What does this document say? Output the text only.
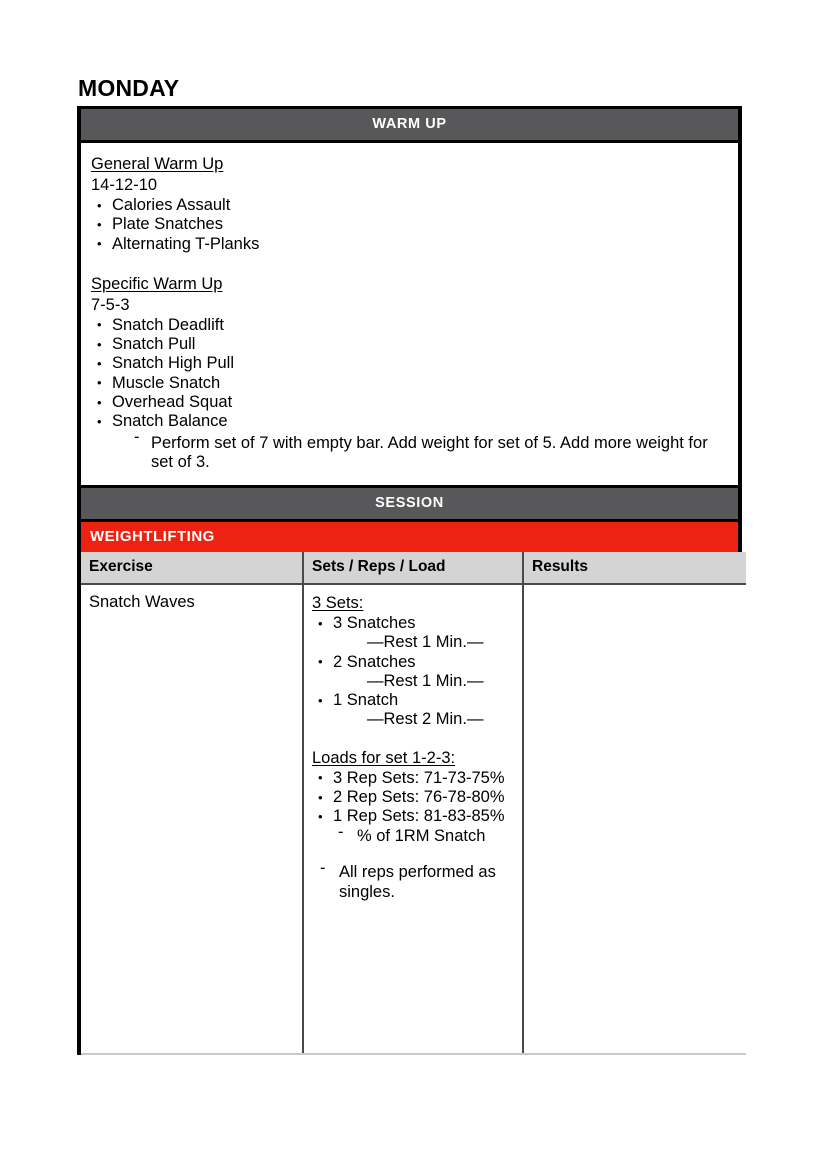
MONDAY
WARM UP
General Warm Up
14-12-10
• Calories Assault
• Plate Snatches
• Alternating T-Planks
Specific Warm Up
7-5-3
• Snatch Deadlift
• Snatch Pull
• Snatch High Pull
• Muscle Snatch
• Overhead Squat
• Snatch Balance
- Perform set of 7 with empty bar. Add weight for set of 5. Add more weight for set of 3.
SESSION
WEIGHTLIFTING
Exercise	Sets / Reps / Load	Results

Snatch Waves	3 Sets:
• 3 Snatches
—Rest 1 Min.—
• 2 Snatches
—Rest 1 Min.—
• 1 Snatch
—Rest 2 Min.—
Loads for set 1-2-3:
• 3 Rep Sets: 71-73-75%
• 2 Rep Sets: 76-78-80%
• 1 Rep Sets: 81-83-85%
- % of 1RM Snatch
- All reps performed as singles.
